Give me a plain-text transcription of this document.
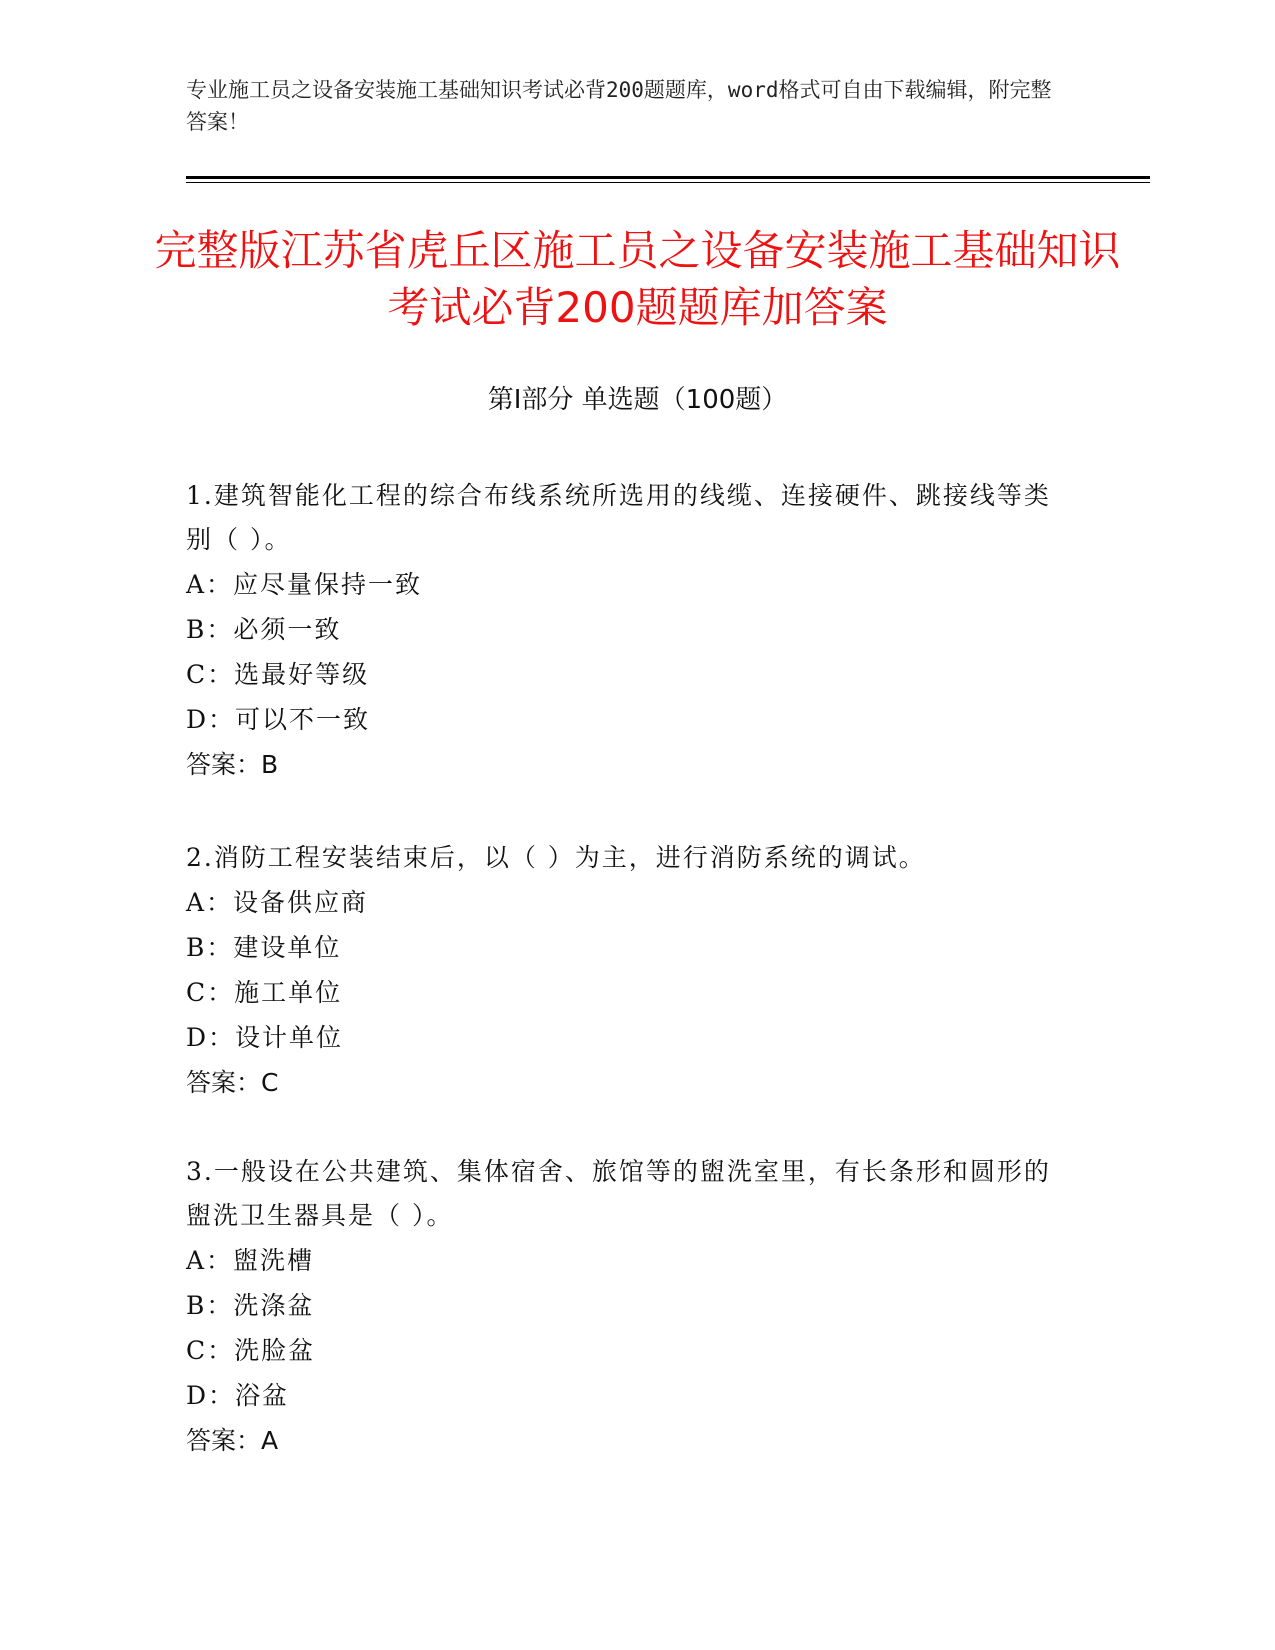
专业施工员之设备安装施工基础知识考试必背200题题库，word格式可自由下载编辑，附完整答案！
完整版江苏省虎丘区施工员之设备安装施工基础知识考试必背200题题库加答案
第Ⅰ部分 单选题（100题）

1.建筑智能化工程的综合布线系统所选用的线缆、连接硬件、跳接线等类别（ ）。

A：应尽量保持一致

B：必须一致

C：选最好等级

D：可以不一致

答案：B

2.消防工程安装结束后，以（ ）为主，进行消防系统的调试。

A：设备供应商

B：建设单位

C：施工单位

D：设计单位

答案：C

3.一般设在公共建筑、集体宿舍、旅馆等的盥洗室里，有长条形和圆形的盥洗卫生器具是（ ）。

A：盥洗槽

B：洗涤盆

C：洗脸盆

D：浴盆

答案：A
